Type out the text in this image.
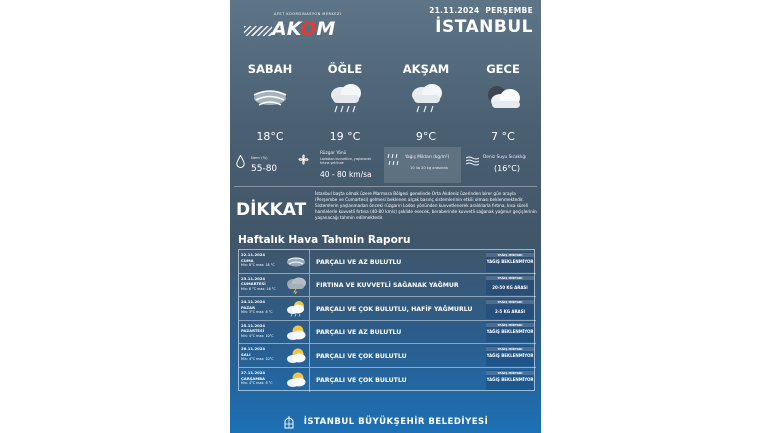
AFET KOORDİNASYON MERKEZİ
AKOM
21.11.2024 PERŞEMBE
İSTANBUL
SABAH
18°C
ÖĞLE
19 °C
AKŞAM
9°C
GECE
7 °C
Nem (%)
55-80
Rüzgar Yönü
Lodostan kuvvetlice, yaşlanarak fırtına şeklinde
40 - 80 km/sa
Yağış Miktarı (kg/m²)
10 ila 20 kg arasında
Deniz Suyu Sıcaklığı
(16°C)
DİKKAT
İstanbul başta olmak üzere Marmara Bölgesi genelinde Orta Akdeniz üzerinden birer gün arayla (Perşembe ve Cumartesi) gelmesi beklenen alçak basınç sistemlerinin etkili olması beklenmektedir. Sistemlerin yaşlanmadan önceki rüzgarın Lodos yönünden kuvvetlenerek aralıklarla fırtına, kısa süreli hamlelerle kuvvetli fırtına (40-80 km/s) şeklide esecek, beraberinde kuvvetli sağanak yağmur geçişlerinin yaşanacağı tahmin edilmektedir.
Haftalık Hava Tahmin Raporu
22.11.2024
CUMA
Min: 8°C max: 18 °C	PARÇALI VE AZ BULUTLU
YAĞIŞ MİKTARI
YAĞIŞ BEKLENMİYOR
23.11.2024
CUMARTESİ
Min: 6 °C max: 16 °C	FIRTINA VE KUVVETLİ SAĞANAK YAĞMUR
YAĞIŞ MİKTARI
20-50 KG ARASI
24.11.2024
PAZAR
Min: 3°C max: 8 °C	PARÇALI VE ÇOK BULUTLU, HAFİF YAĞMURLU
YAĞIŞ MİKTARI
2-5 KG ARASI
25.11.2024
PAZARTESİ
Min: 4°C max: 10°C	PARÇALI VE AZ BULUTLU
YAĞIŞ MİKTARI
YAĞIŞ BEKLENMİYOR
26.11.2024
SALI
Min: 4°C max: 10°C	PARÇALI VE ÇOK BULUTLU
YAĞIŞ MİKTARI
YAĞIŞ BEKLENMİYOR
27.11.2024
ÇARŞAMBA
Min: 4°C max: 8 °C	PARÇALI VE ÇOK BULUTLU
YAĞIŞ MİKTARI
YAĞIŞ BEKLENMİYOR
İSTANBUL BÜYÜKŞEHİR BELEDİYESİ
